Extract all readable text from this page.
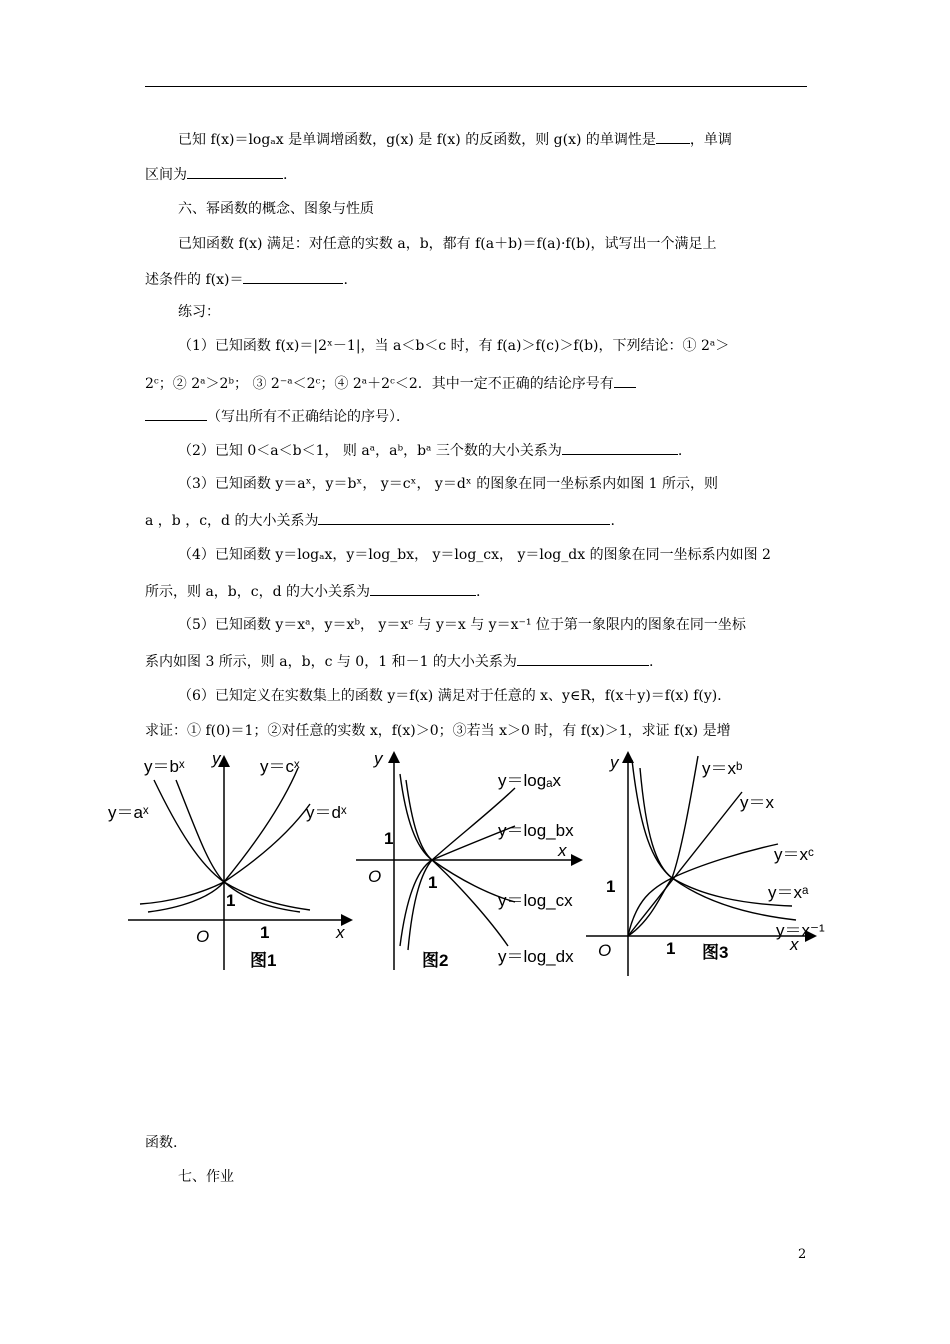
已知 f(x)＝logₐx 是单调增函数，g(x) 是 f(x) 的反函数，则 g(x) 的单调性是 ，单调
区间为	.
六、幂函数的概念、图象与性质
已知函数 f(x) 满足：对任意的实数 a，b，都有 f(a＋b)＝f(a)·f(b)，试写出一个满足上
述条件的 f(x)＝	.
练习：
（1）已知函数 f(x)＝|2ˣ－1|，当 a＜b＜c 时，有 f(a)＞f(c)＞f(b)，下列结论：① 2ᵃ＞
2ᶜ；② 2ᵃ＞2ᵇ； ③ 2⁻ᵃ＜2ᶜ；④ 2ᵃ＋2ᶜ＜2．其中一定不正确的结论序号有
（写出所有不正确结论的序号）．
（2）已知 0＜a＜b＜1， 则 aᵃ，aᵇ，bᵃ 三个数的大小关系为	.
（3）已知函数 y＝aˣ，y＝bˣ， y＝cˣ， y＝dˣ 的图象在同一坐标系内如图 1 所示，则
a ，b ，c，d 的大小关系为	.
（4）已知函数 y＝logₐx，y＝log_bx， y＝log_cx， y＝log_dx 的图象在同一坐标系内如图 2
所示，则 a，b，c，d 的大小关系为	.
（5）已知函数 y＝xᵃ，y＝xᵇ， y＝xᶜ 与 y＝x 与 y＝x⁻¹ 位于第一象限内的图象在同一坐标
系内如图 3 所示，则 a，b，c 与 0，1 和－1 的大小关系为	.
（6）已知定义在实数集上的函数 y＝f(x) 满足对于任意的 x、y∈R，f(x＋y)＝f(x) f(y)．
求证：① f(0)＝1；②对任意的实数 x，f(x)＞0；③若当 x＞0 时，有 f(x)＞1，求证 f(x) 是增
y
x
O
1
1
y＝bˣ	y＝cˣ
y＝aˣ	y＝dˣ
图1
y
x
O
1
1
y＝logₐx
y＝log_bx
y＝log_cx
y＝log_dx
图2
y
x
O
1
1
y＝xᵇ
y＝x
y＝xᶜ
y＝xᵃ
y＝x⁻¹
图3
函数.
七、作业
2
